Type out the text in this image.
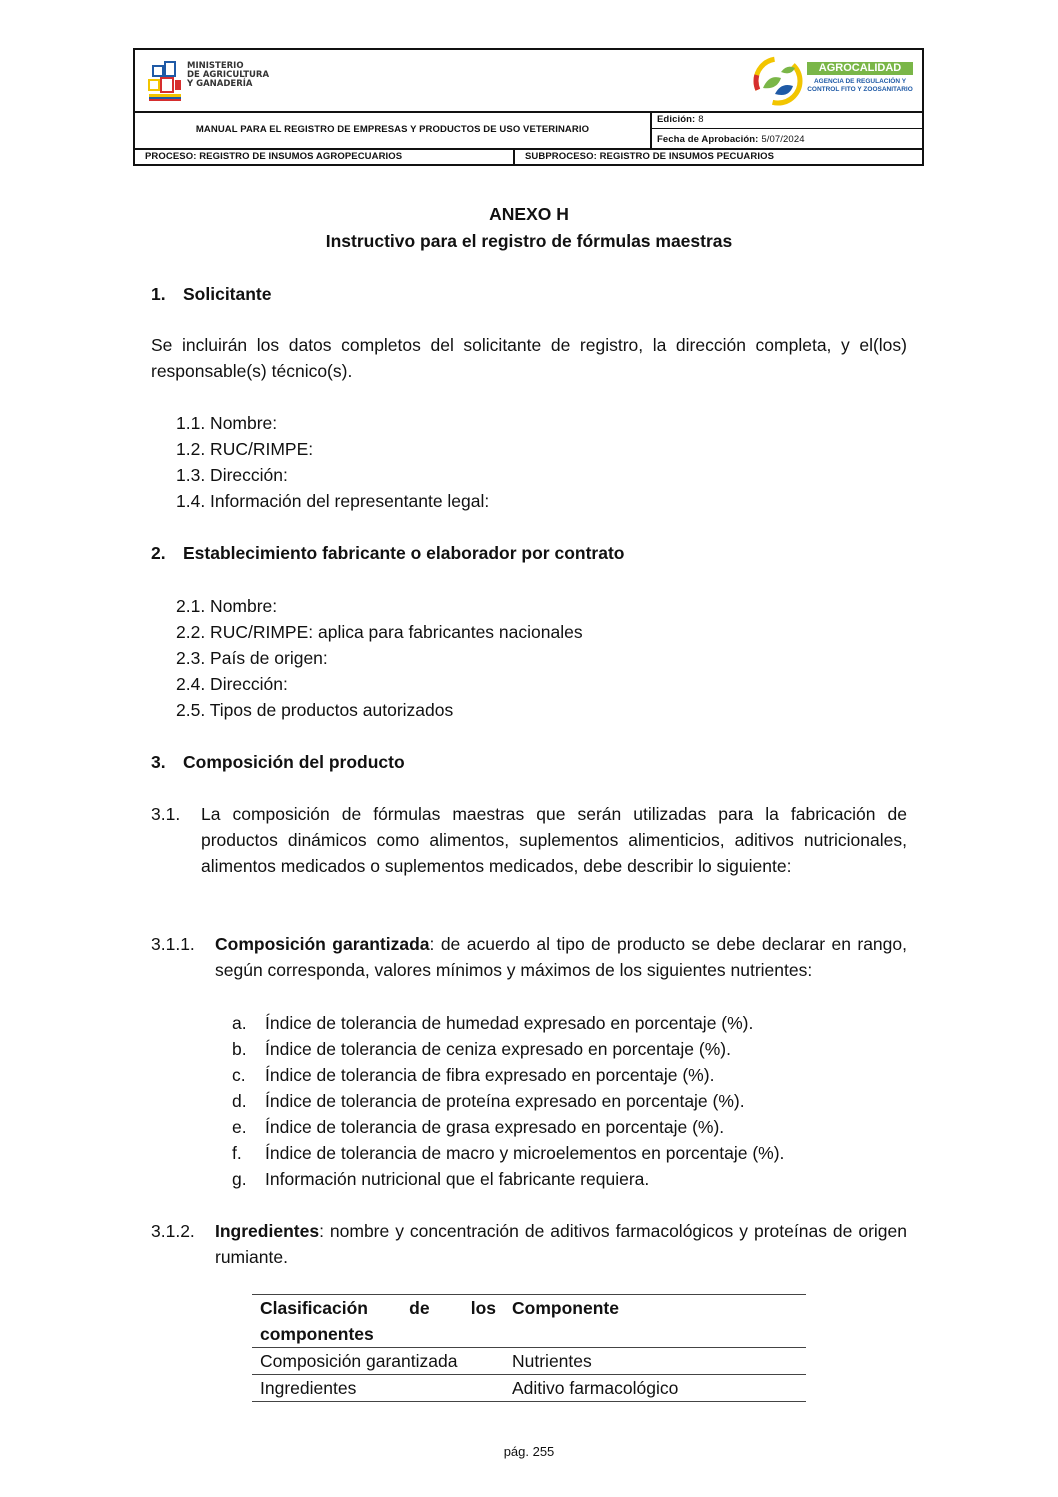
MINISTERIO
DE AGRICULTURA
Y GANADERÍA
AGROCALIDAD
AGENCIA DE REGULACIÓN Y
CONTROL FITO Y ZOOSANITARIO
MANUAL PARA EL REGISTRO DE EMPRESAS Y PRODUCTOS DE USO VETERINARIO
Edición: 8
Fecha de Aprobación: 5/07/2024
PROCESO: REGISTRO DE INSUMOS AGROPECUARIOS	SUBPROCESO: REGISTRO DE INSUMOS PECUARIOS
ANEXO H
Instructivo para el registro de fórmulas maestras
1. Solicitante
Se incluirán los datos completos del solicitante de registro, la dirección completa, y el(los) responsable(s) técnico(s).
1.1. Nombre:
1.2. RUC/RIMPE:
1.3. Dirección:
1.4. Información del representante legal:
2. Establecimiento fabricante o elaborador por contrato
2.1. Nombre:
2.2. RUC/RIMPE: aplica para fabricantes nacionales
2.3. País de origen:
2.4. Dirección:
2.5. Tipos de productos autorizados
3. Composición del producto
3.1. La composición de fórmulas maestras que serán utilizadas para la fabricación de productos dinámicos como alimentos, suplementos alimenticios, aditivos nutricionales, alimentos medicados o suplementos medicados, debe describir lo siguiente:
3.1.1. Composición garantizada: de acuerdo al tipo de producto se debe declarar en rango, según corresponda, valores mínimos y máximos de los siguientes nutrientes:
a. Índice de tolerancia de humedad expresado en porcentaje (%).
b. Índice de tolerancia de ceniza expresado en porcentaje (%).
c. Índice de tolerancia de fibra expresado en porcentaje (%).
d. Índice de tolerancia de proteína expresado en porcentaje (%).
e. Índice de tolerancia de grasa expresado en porcentaje (%).
f. Índice de tolerancia de macro y microelementos en porcentaje (%).
g. Información nutricional que el fabricante requiera.
3.1.2. Ingredientes: nombre y concentración de aditivos farmacológicos y proteínas de origen rumiante.
Clasificación de los componentes	Componente
Composición garantizada	Nutrientes
Ingredientes	Aditivo farmacológico
pág. 255
